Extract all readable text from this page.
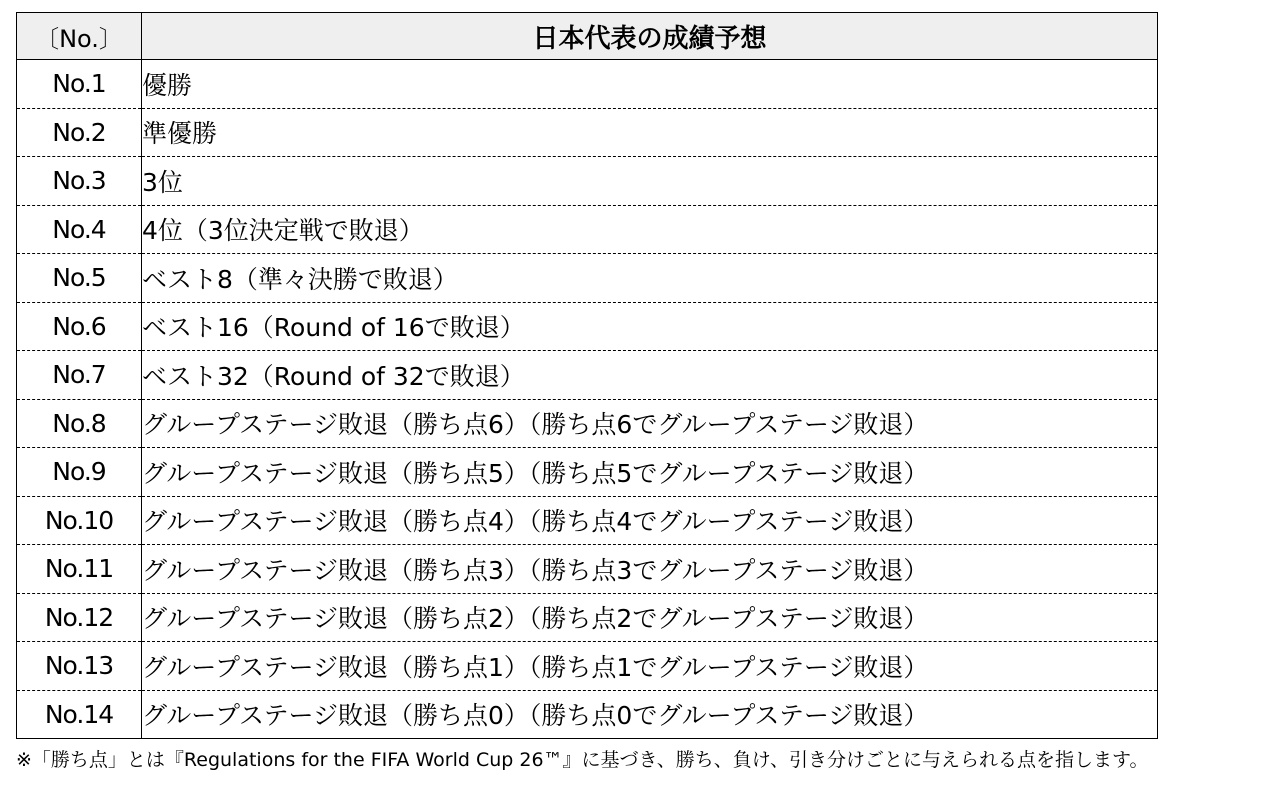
〔No.〕	日本代表の成績予想
No.1	優勝
No.2	準優勝
No.3	3位
No.4	4位（3位決定戦で敗退）
No.5	ベスト8（準々決勝で敗退）
No.6	ベスト16（Round of 16で敗退）
No.7	ベスト32（Round of 32で敗退）
No.8	グループステージ敗退（勝ち点6）（勝ち点6でグループステージ敗退）
No.9	グループステージ敗退（勝ち点5）（勝ち点5でグループステージ敗退）
No.10	グループステージ敗退（勝ち点4）（勝ち点4でグループステージ敗退）
No.11	グループステージ敗退（勝ち点3）（勝ち点3でグループステージ敗退）
No.12	グループステージ敗退（勝ち点2）（勝ち点2でグループステージ敗退）
No.13	グループステージ敗退（勝ち点1）（勝ち点1でグループステージ敗退）
No.14	グループステージ敗退（勝ち点0）（勝ち点0でグループステージ敗退）
※「勝ち点」とは『Regulations for the FIFA World Cup 26™』に基づき、勝ち、負け、引き分けごとに与えられる点を指します。
